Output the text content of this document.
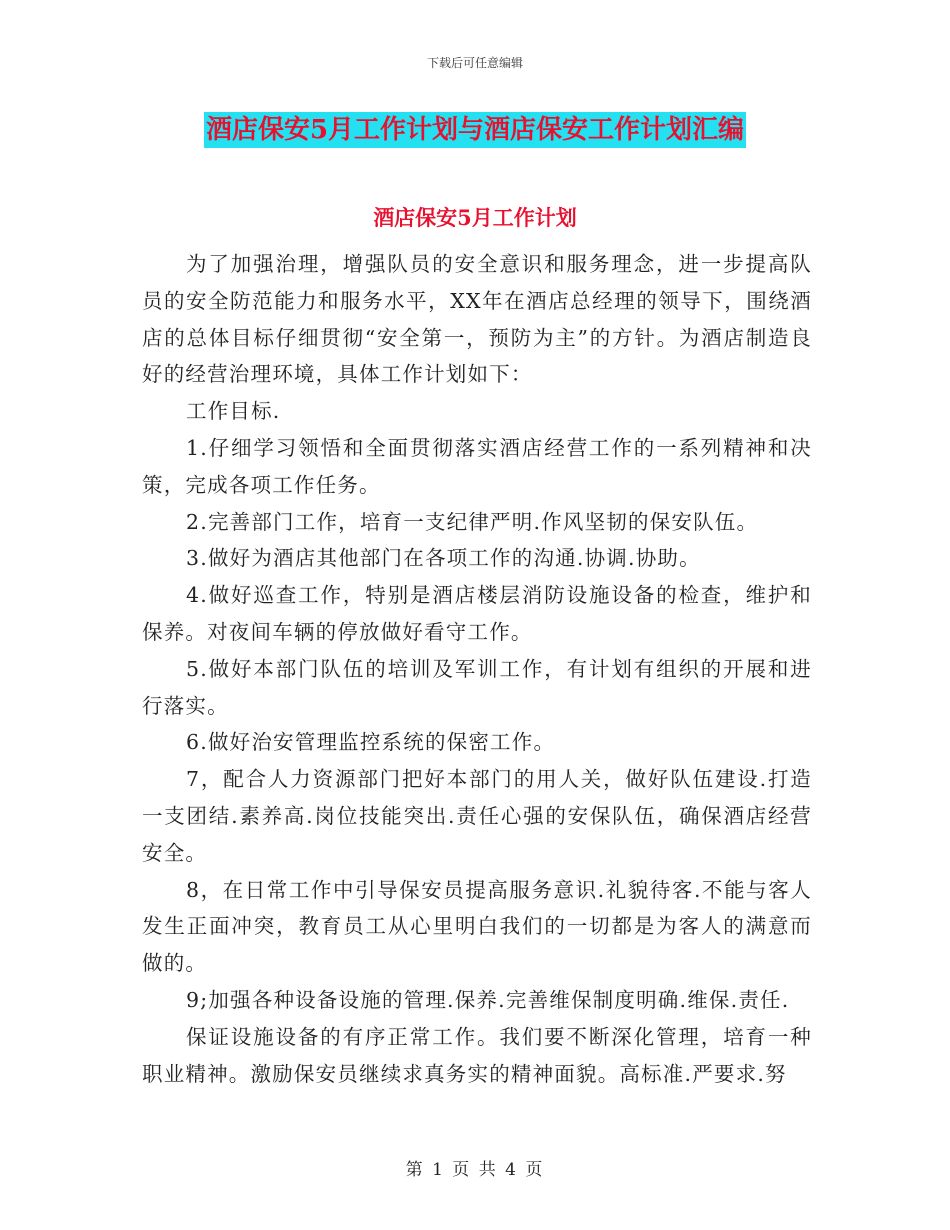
下载后可任意编辑
酒店保安5月工作计划与酒店保安工作计划汇编
酒店保安5月工作计划

为了加强治理，增强队员的安全意识和服务理念，进一步提高队员的安全防范能力和服务水平，XX年在酒店总经理的领导下，围绕酒店的总体目标仔细贯彻“安全第一，预防为主”的方针。为酒店制造良好的经营治理环境，具体工作计划如下：

工作目标.

1.仔细学习领悟和全面贯彻落实酒店经营工作的一系列精神和决策，完成各项工作任务。

2.完善部门工作，培育一支纪律严明.作风坚韧的保安队伍。

3.做好为酒店其他部门在各项工作的沟通.协调.协助。

4.做好巡查工作，特别是酒店楼层消防设施设备的检查，维护和保养。对夜间车辆的停放做好看守工作。

5.做好本部门队伍的培训及军训工作，有计划有组织的开展和进行落实。

6.做好治安管理监控系统的保密工作。

7，配合人力资源部门把好本部门的用人关，做好队伍建设.打造一支团结.素养高.岗位技能突出.责任心强的安保队伍，确保酒店经营安全。

8，在日常工作中引导保安员提高服务意识.礼貌待客.不能与客人发生正面冲突，教育员工从心里明白我们的一切都是为客人的满意而做的。

9;加强各种设备设施的管理.保养.完善维保制度明确.维保.责任.

保证设施设备的有序正常工作。我们要不断深化管理，培育一种职业精神。激励保安员继续求真务实的精神面貌。高标准.严要求.努

第 1 页 共 4 页
